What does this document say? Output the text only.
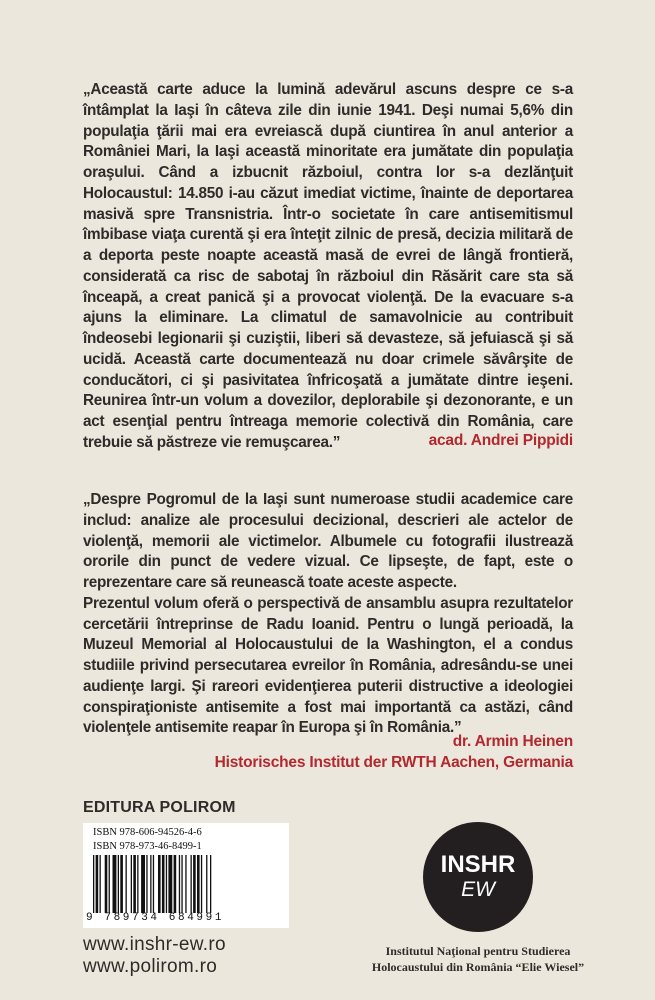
„Această carte aduce la lumină adevărul ascuns despre ce s-a întâmplat la Iaşi în câteva zile din iunie 1941. Deşi numai 5,6% din populaţia ţării mai era evreiască după ciuntirea în anul anterior a României Mari, la Iaşi această minoritate era jumătate din populaţia oraşului. Când a izbucnit războiul, contra lor s-a dezlănţuit Holocaustul: 14.850 i-au căzut imediat victime, înainte de deportarea masivă spre Transnistria. Într-o societate în care antisemitismul îmbibase viaţa curentă şi era înteţit zilnic de presă, decizia militară de a deporta peste noapte această masă de evrei de lângă frontieră, considerată ca risc de sabotaj în războiul din Răsărit care sta să înceapă, a creat panică şi a provocat violenţă. De la evacuare s-a ajuns la eliminare. La climatul de samavolnicie au contribuit îndeosebi legionarii şi cuziştii, liberi să devasteze, să jefuiască şi să ucidă. Această carte documentează nu doar crimele săvârşite de conducători, ci şi pasivitatea înfricoşată a jumătate dintre ieşeni. Reunirea într-un volum a dovezilor, deplorabile şi dezonorante, e un act esenţial pentru întreaga memorie colectivă din România, care trebuie să păstreze vie remuşcarea.”	acad. Andrei Pippidi

„Despre Pogromul de la Iaşi sunt numeroase studii academice care includ: analize ale procesului decizional, descrieri ale actelor de violenţă, memorii ale victimelor. Albumele cu fotografii ilustrează ororile din punct de vedere vizual. Ce lipseşte, de fapt, este o reprezentare care să reunească toate aceste aspecte.

Prezentul volum oferă o perspectivă de ansamblu asupra rezultatelor cercetării întreprinse de Radu Ioanid. Pentru o lungă perioadă, la Muzeul Memorial al Holocaustului de la Washington, el a condus studiile privind persecutarea evreilor în România, adresându-se unei audienţe largi. Şi rareori evidenţierea puterii distructive a ideologiei conspiraţioniste antisemite a fost mai importantă ca astăzi, când violenţele antisemite reapar în Europa şi în România.”

dr. Armin Heinen
Historisches Institut der RWTH Aachen, Germania
EDITURA POLIROM
ISBN 978-606-94526-4-6
ISBN 978-973-46-8499-1
9 789734 684991
www.inshr-ew.ro
www.polirom.ro
INSHR
EW
Institutul Naţional pentru Studierea
Holocaustului din România “Elie Wiesel”
